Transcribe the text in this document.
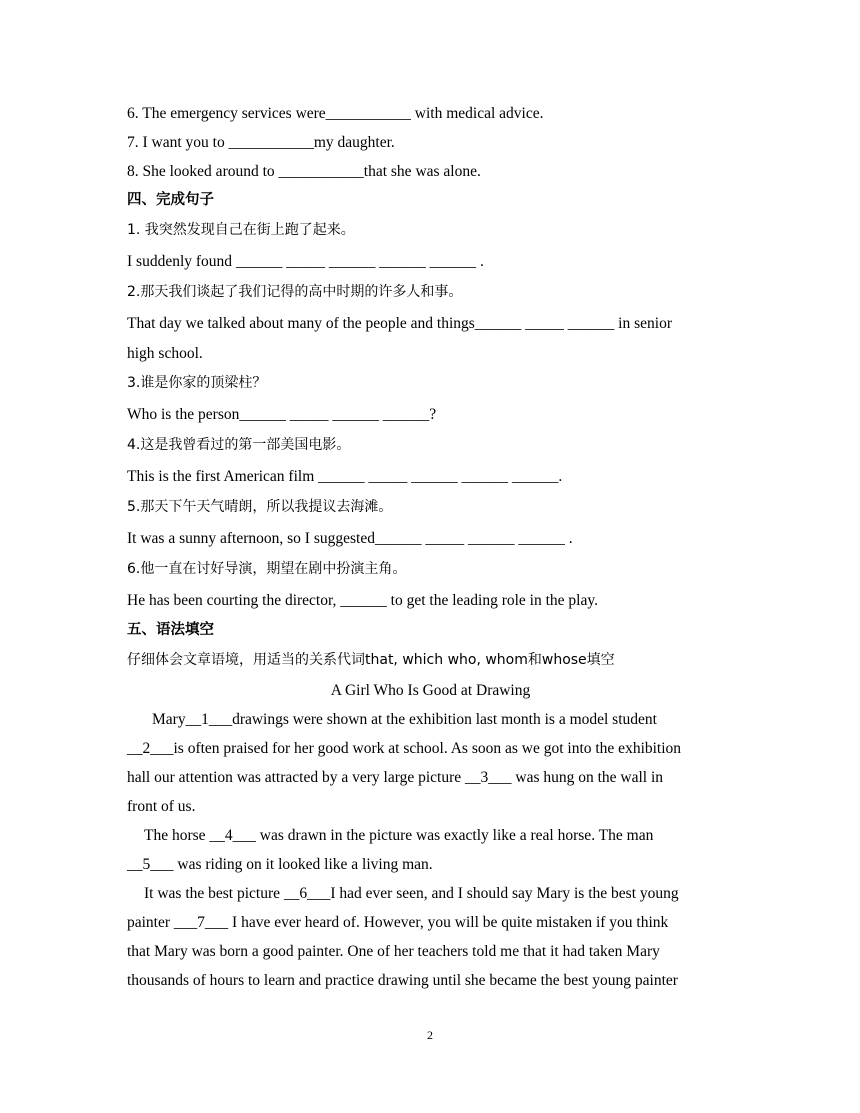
6. The emergency services were___________ with medical advice.
7. I want you to ___________my daughter.
8. She looked around to ___________that she was alone.
四、完成句子
1. 我突然发现自己在街上跑了起来。
I suddenly found ______ _____ ______ ______ ______ .
2.那天我们谈起了我们记得的高中时期的许多人和事。
That day we talked about many of the people and things______ _____ ______ in senior
high school.
3.谁是你家的顶梁柱？
Who is the person______ _____ ______ ______?
4.这是我曾看过的第一部美国电影。
This is the first American film ______ _____ ______ ______ ______.
5.那天下午天气晴朗，所以我提议去海滩。
It was a sunny afternoon, so I suggested______ _____ ______ ______ .
6.他一直在讨好导演，期望在剧中扮演主角。
He has been courting the director, ______ to get the leading role in the play.
五、语法填空
仔细体会文章语境，用适当的关系代词that, which who, whom和whose填空
A Girl Who Is Good at Drawing
Mary__1___drawings were shown at the exhibition last month is a model student
__2___is often praised for her good work at school. As soon as we got into the exhibition
hall our attention was attracted by a very large picture __3___ was hung on the wall in
front of us.
The horse __4___ was drawn in the picture was exactly like a real horse. The man
__5___ was riding on it looked like a living man.
It was the best picture __6___I had ever seen, and I should say Mary is the best young
painter ___7___ I have ever heard of. However, you will be quite mistaken if you think
that Mary was born a good painter. One of her teachers told me that it had taken Mary
thousands of hours to learn and practice drawing until she became the best young painter
2
